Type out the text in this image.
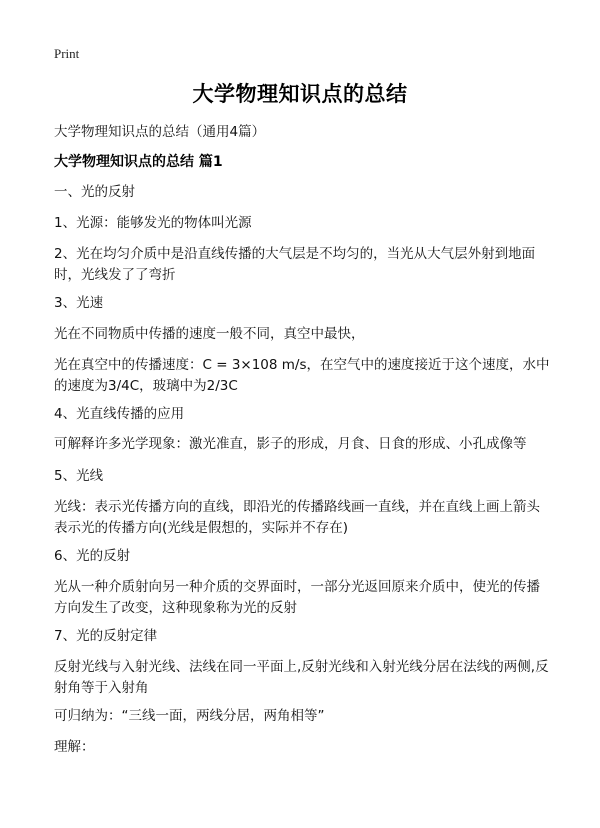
Print
大学物理知识点的总结
大学物理知识点的总结（通用4篇）
大学物理知识点的总结 篇1
一、光的反射
1、光源：能够发光的物体叫光源
2、光在均匀介质中是沿直线传播的大气层是不均匀的，当光从大气层外射到地面时，光线发了了弯折
3、光速
光在不同物质中传播的速度一般不同，真空中最快，
光在真空中的传播速度：C = 3×108 m/s，在空气中的速度接近于这个速度，水中的速度为3/4C，玻璃中为2/3C
4、光直线传播的应用
可解释许多光学现象：激光准直，影子的形成，月食、日食的形成、小孔成像等
5、光线
光线：表示光传播方向的直线，即沿光的传播路线画一直线，并在直线上画上箭头表示光的传播方向(光线是假想的，实际并不存在)
6、光的反射
光从一种介质射向另一种介质的交界面时，一部分光返回原来介质中，使光的传播方向发生了改变，这种现象称为光的反射
7、光的反射定律
反射光线与入射光线、法线在同一平面上,反射光线和入射光线分居在法线的两侧,反射角等于入射角
可归纳为：“三线一面，两线分居，两角相等”
理解：
